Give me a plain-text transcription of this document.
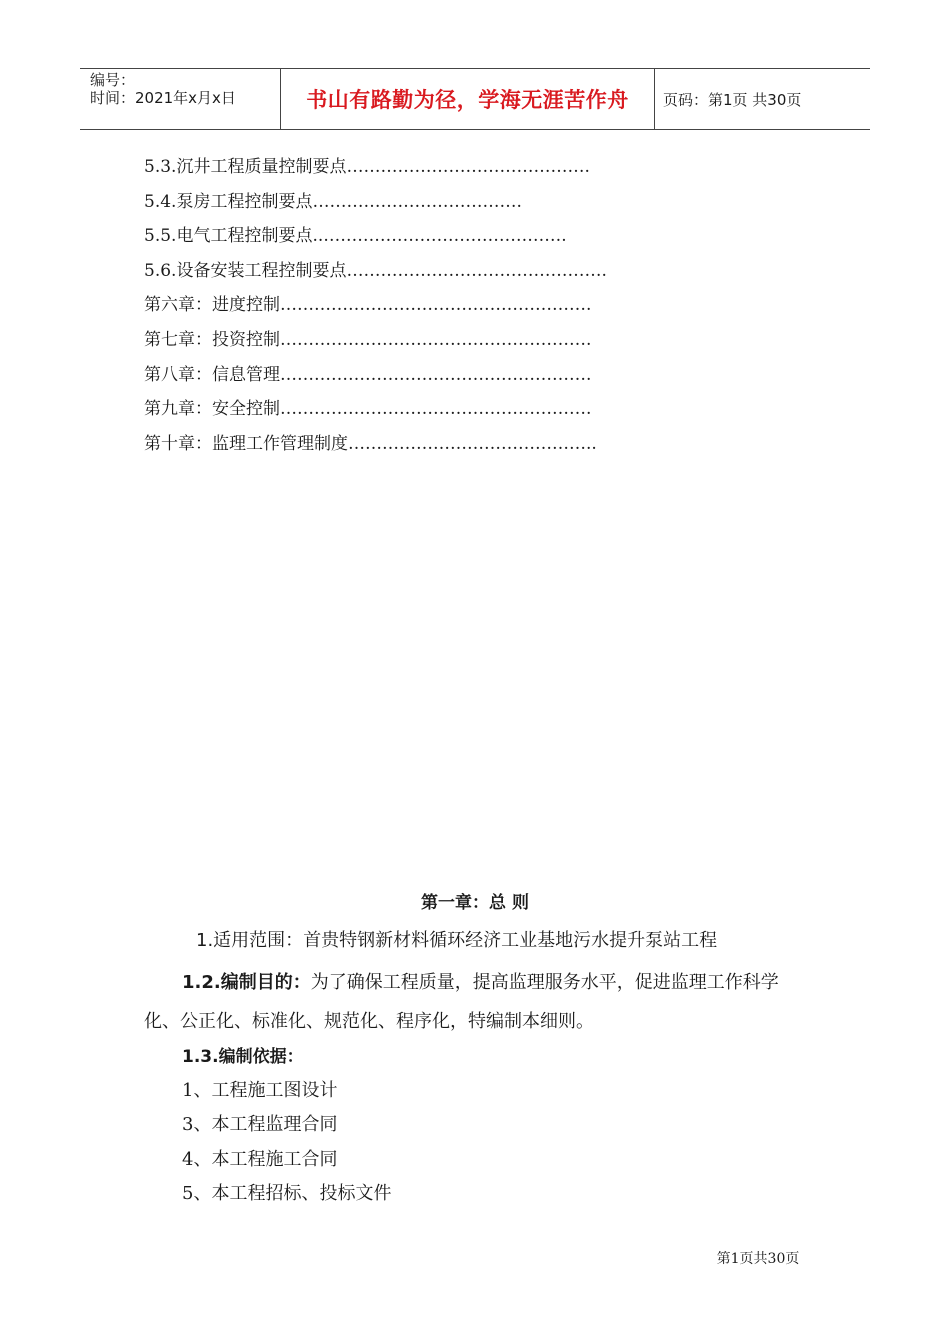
编号：
时间：2021年x月x日	书山有路勤为径，学海无涯苦作舟 页码：第1页 共30页
5.3.沉井工程质量控制要点…………………………………….
5.4.泵房工程控制要点……………………………….
5.5.电气工程控制要点..…………………………………….
5.6.设备安装工程控制要点……………………………………….
第六章：进度控制……………………………………………….
第七章：投资控制……………………………………………….
第八章：信息管理……………………………………………….
第九章：安全控制……………………………………………….
第十章：监理工作管理制度……………………………………..
第一章：总 则
1.适用范围：首贵特钢新材料循环经济工业基地污水提升泵站工程
1.2.编制目的：为了确保工程质量，提高监理服务水平，促进监理工作科学
化、公正化、标准化、规范化、程序化，特编制本细则。
1.3.编制依据：
1、工程施工图设计
3、本工程监理合同
4、本工程施工合同
5、本工程招标、投标文件
第1页共30页
